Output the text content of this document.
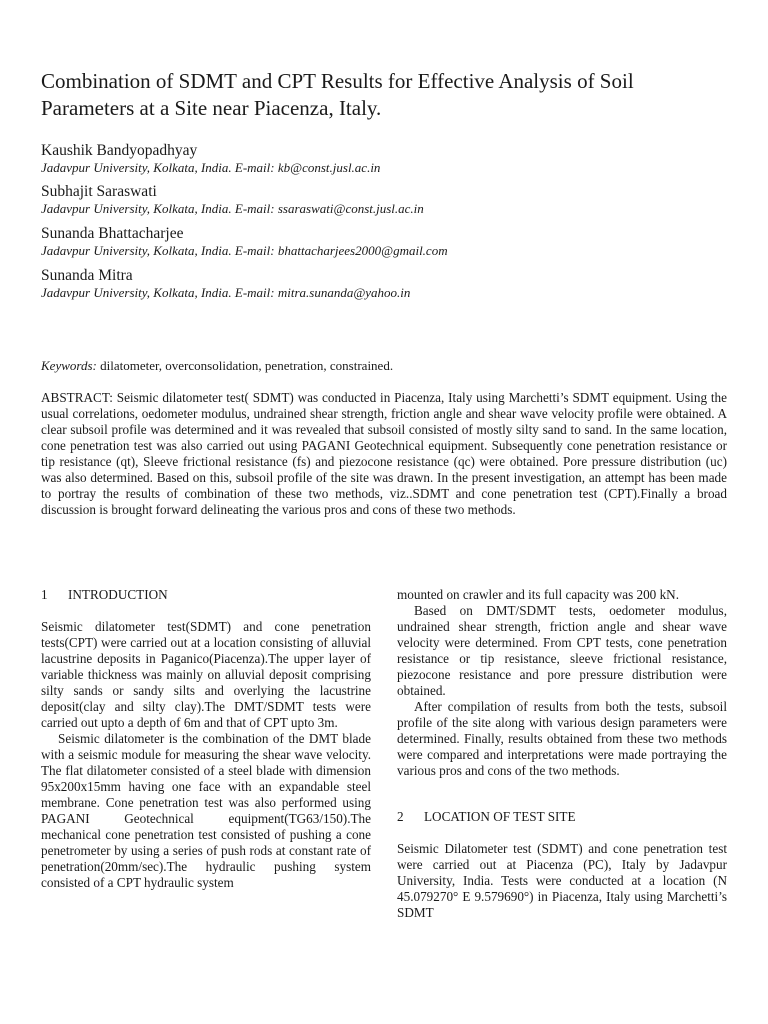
Combination of SDMT and CPT Results for Effective Analysis of Soil Parameters at a Site near Piacenza, Italy.
Kaushik Bandyopadhyay
Jadavpur University, Kolkata, India. E-mail: kb@const.jusl.ac.in
Subhajit Saraswati
Jadavpur University, Kolkata, India. E-mail: ssaraswati@const.jusl.ac.in
Sunanda Bhattacharjee
Jadavpur University, Kolkata, India. E-mail: bhattacharjees2000@gmail.com
Sunanda Mitra
Jadavpur University, Kolkata, India. E-mail: mitra.sunanda@yahoo.in
Keywords: dilatometer, overconsolidation, penetration, constrained.

ABSTRACT: Seismic dilatometer test( SDMT) was conducted in Piacenza, Italy using Marchetti’s SDMT equipment. Using the usual correlations, oedometer modulus, undrained shear strength, friction angle and shear wave velocity profile were obtained. A clear subsoil profile was determined and it was revealed that subsoil consisted of mostly silty sand to sand. In the same location, cone penetration test was also carried out using PAGANI Geotechnical equipment. Subsequently cone penetration resistance or tip resistance (qt), Sleeve frictional resistance (fs) and piezocone resistance (qc) were obtained. Pore pressure distribution (uc) was also determined. Based on this, subsoil profile of the site was drawn. In the present investigation, an attempt has been made to portray the results of combination of these two methods, viz..SDMT and cone penetration test (CPT).Finally a broad discussion is brought forward delineating the various pros and cons of these two methods.

1 INTRODUCTION

Seismic dilatometer test(SDMT) and cone penetration tests(CPT) were carried out at a location consisting of alluvial lacustrine deposits in Paganico(Piacenza).The upper layer of variable thickness was mainly on alluvial deposit comprising silty sands or sandy silts and overlying the lacustrine deposit(clay and silty clay).The DMT/SDMT tests were carried out upto a depth of 6m and that of CPT upto 3m.

Seismic dilatometer is the combination of the DMT blade with a seismic module for measuring the shear wave velocity. The flat dilatometer consisted of a steel blade with dimension 95x200x15mm having one face with an expandable steel membrane. Cone penetration test was also performed using PAGANI Geotechnical equipment(TG63/150).The mechanical cone penetration test consisted of pushing a cone penetrometer by using a series of push rods at constant rate of penetration(20mm/sec).The hydraulic pushing system consisted of a CPT hydraulic system

mounted on crawler and its full capacity was 200 kN.

Based on DMT/SDMT tests, oedometer modulus, undrained shear strength, friction angle and shear wave velocity were determined. From CPT tests, cone penetration resistance or tip resistance, sleeve frictional resistance, piezocone resistance and pore pressure distribution were obtained.

After compilation of results from both the tests, subsoil profile of the site along with various design parameters were determined. Finally, results obtained from these two methods were compared and interpretations were made portraying the various pros and cons of the two methods.

2 LOCATION OF TEST SITE

Seismic Dilatometer test (SDMT) and cone penetration test were carried out at Piacenza (PC), Italy by Jadavpur University, India. Tests were conducted at a location (N 45.079270° E 9.579690°) in Piacenza, Italy using Marchetti’s SDMT
